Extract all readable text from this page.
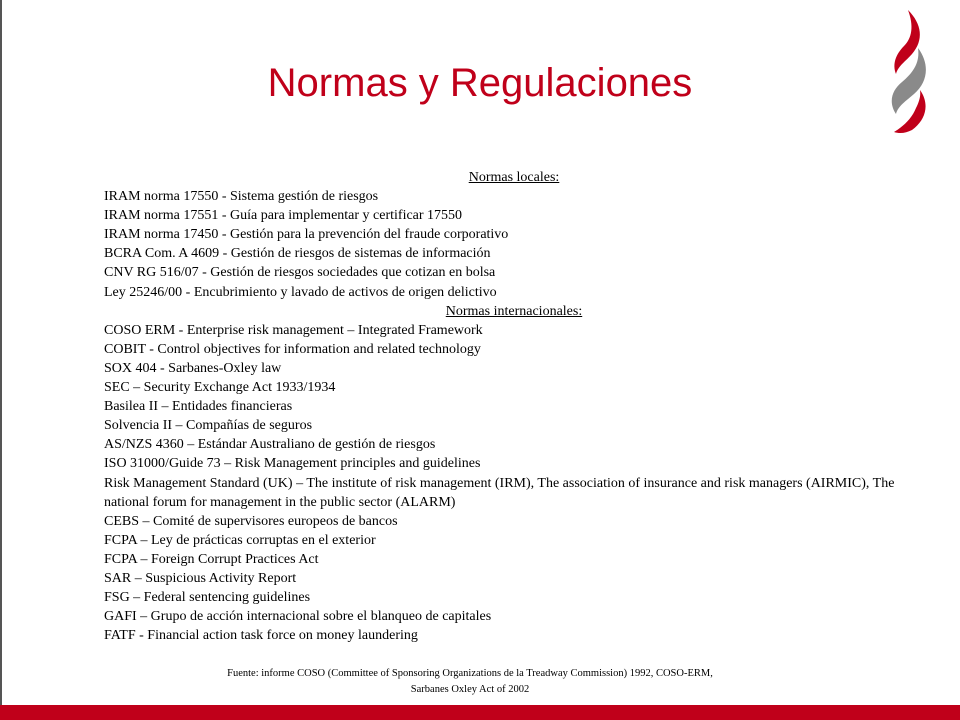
Normas y Regulaciones
Normas locales:
IRAM norma 17550 - Sistema gestión de riesgos
IRAM norma 17551 - Guía para implementar y certificar 17550
IRAM norma 17450 - Gestión para la prevención del fraude corporativo
BCRA Com. A 4609 - Gestión de riesgos de sistemas de información
CNV RG 516/07 - Gestión de riesgos sociedades que cotizan en bolsa
Ley 25246/00 - Encubrimiento y lavado de activos de origen delictivo
Normas internacionales:
COSO ERM - Enterprise risk management – Integrated Framework
COBIT - Control objectives for information and related technology
SOX 404 - Sarbanes-Oxley law
SEC – Security Exchange Act 1933/1934
Basilea II – Entidades financieras
Solvencia II – Compañías de seguros
AS/NZS 4360 – Estándar Australiano de gestión de riesgos
ISO 31000/Guide 73 – Risk Management principles and guidelines
Risk Management Standard (UK) – The institute of risk management (IRM), The association of insurance and risk managers (AIRMIC), The national forum for management in the public sector (ALARM)
CEBS – Comité de supervisores europeos de bancos
FCPA – Ley de prácticas corruptas en el exterior
FCPA – Foreign Corrupt Practices Act
SAR – Suspicious Activity Report
FSG – Federal sentencing guidelines
GAFI – Grupo de acción internacional sobre el blanqueo de capitales
FATF - Financial action task force on money laundering
Fuente: informe COSO (Committee of Sponsoring Organizations de la Treadway Commission) 1992, COSO-ERM,
Sarbanes Oxley Act of 2002
